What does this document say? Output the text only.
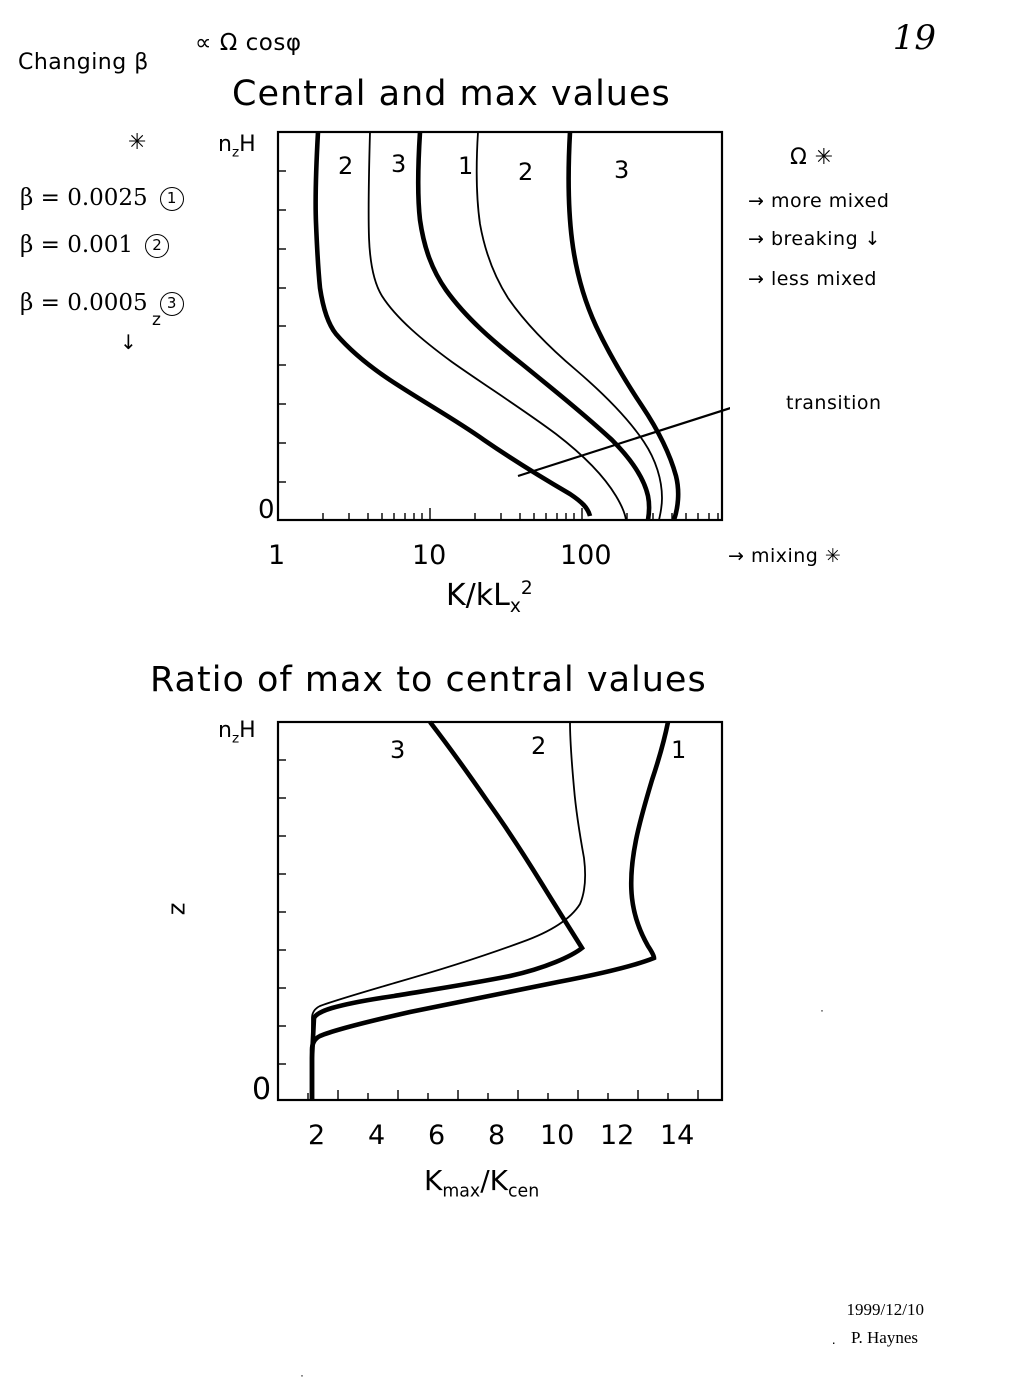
19
Changing β
∝ Ω cosφ
✳
β = 0.0025 1
β = 0.001 2
β = 0.0005 3
z
↓
Ω ✳
→ more mixed
→ breaking ↓
→ less mixed
transition
→ mixing ✳
Central and max values
$n_zH$
0
$K/kL_x^2$
2 3 1 2	3
1	10	100
Ratio of max to central values
$n_zH$
0
z
$K_{max}/K_{cen}$
3	2	1
2 4 6 8 10 12 14
1999/12/10
P. Haynes
·
·
·
